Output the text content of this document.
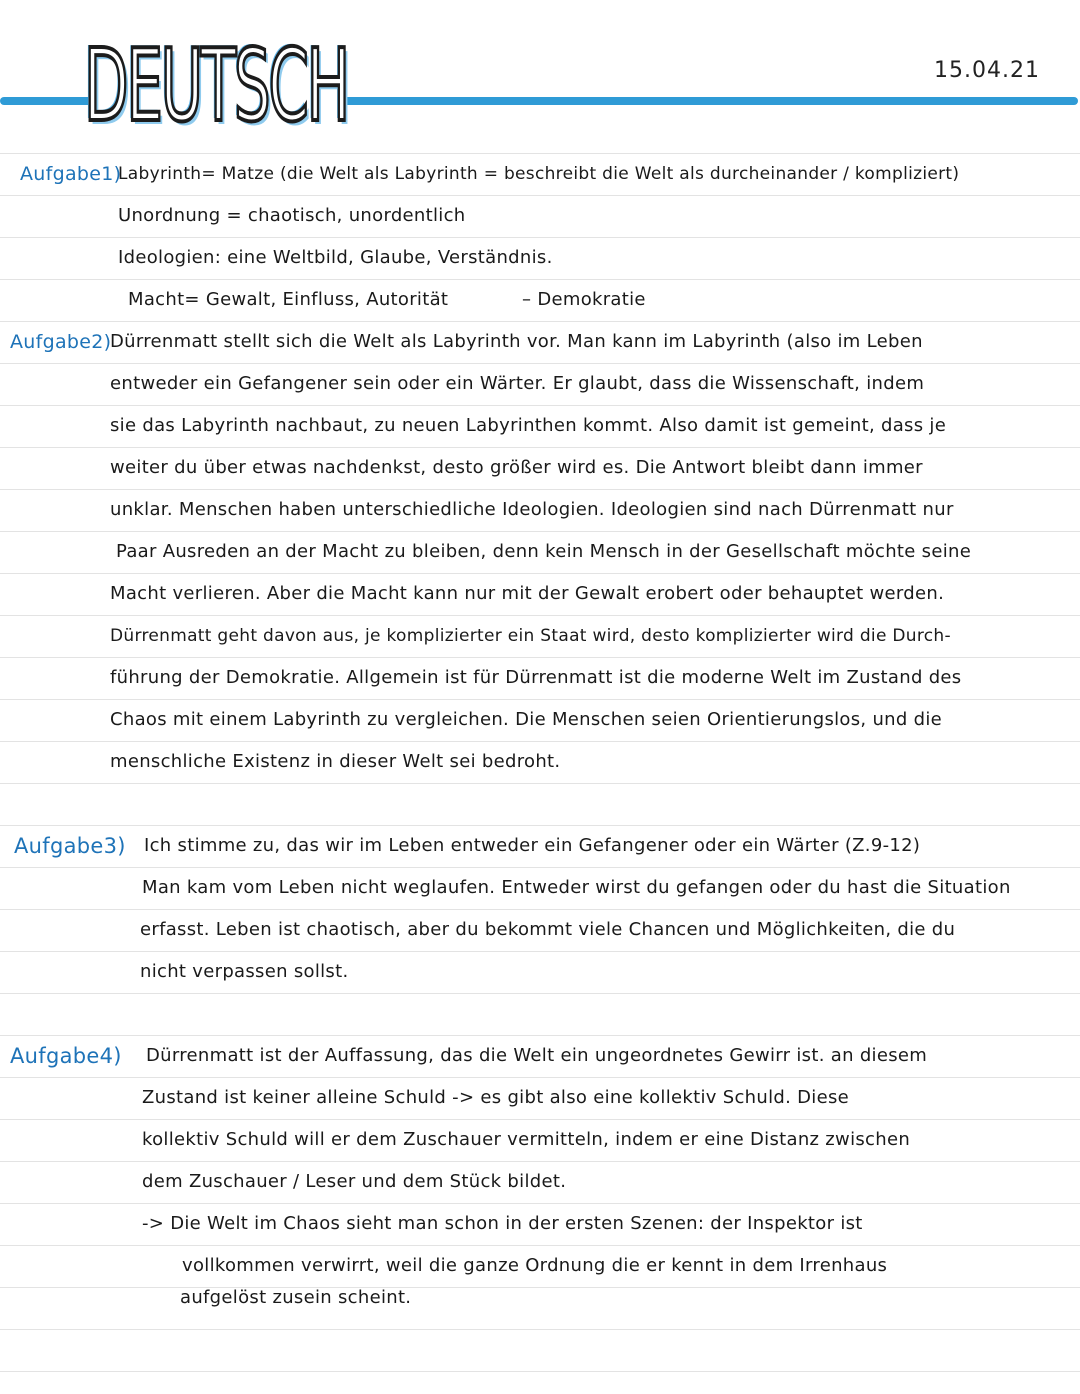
DEUTSCH	15.04.21
Aufgabe1)
Labyrinth= Matze (die Welt als Labyrinth = beschreibt die Welt als durcheinander / kompliziert)
Unordnung = chaotisch, unordentlich
Ideologien: eine Weltbild, Glaube, Verständnis.
Macht= Gewalt, Einfluss, Autorität	– Demokratie
Aufgabe2)
Dürrenmatt stellt sich die Welt als Labyrinth vor. Man kann im Labyrinth (also im Leben
entweder ein Gefangener sein oder ein Wärter. Er glaubt, dass die Wissenschaft, indem
sie das Labyrinth nachbaut, zu neuen Labyrinthen kommt. Also damit ist gemeint, dass je
weiter du über etwas nachdenkst, desto größer wird es. Die Antwort bleibt dann immer
unklar. Menschen haben unterschiedliche Ideologien. Ideologien sind nach Dürrenmatt nur
Paar Ausreden an der Macht zu bleiben, denn kein Mensch in der Gesellschaft möchte seine
Macht verlieren. Aber die Macht kann nur mit der Gewalt erobert oder behauptet werden.
Dürrenmatt geht davon aus, je komplizierter ein Staat wird, desto komplizierter wird die Durch-
führung der Demokratie. Allgemein ist für Dürrenmatt ist die moderne Welt im Zustand des
Chaos mit einem Labyrinth zu vergleichen. Die Menschen seien Orientierungslos, und die
menschliche Existenz in dieser Welt sei bedroht.
Aufgabe3) Ich stimme zu, das wir im Leben entweder ein Gefangener oder ein Wärter (Z.9-12)
Man kam vom Leben nicht weglaufen. Entweder wirst du gefangen oder du hast die Situation
erfasst. Leben ist chaotisch, aber du bekommt viele Chancen und Möglichkeiten, die du
nicht verpassen sollst.
Aufgabe4) Dürrenmatt ist der Auffassung, das die Welt ein ungeordnetes Gewirr ist. an diesem
Zustand ist keiner alleine Schuld -> es gibt also eine kollektiv Schuld. Diese
kollektiv Schuld will er dem Zuschauer vermitteln, indem er eine Distanz zwischen
dem Zuschauer / Leser und dem Stück bildet.
-> Die Welt im Chaos sieht man schon in der ersten Szenen: der Inspektor ist
vollkommen verwirrt, weil die ganze Ordnung die er kennt in dem Irrenhaus
aufgelöst zusein scheint.
